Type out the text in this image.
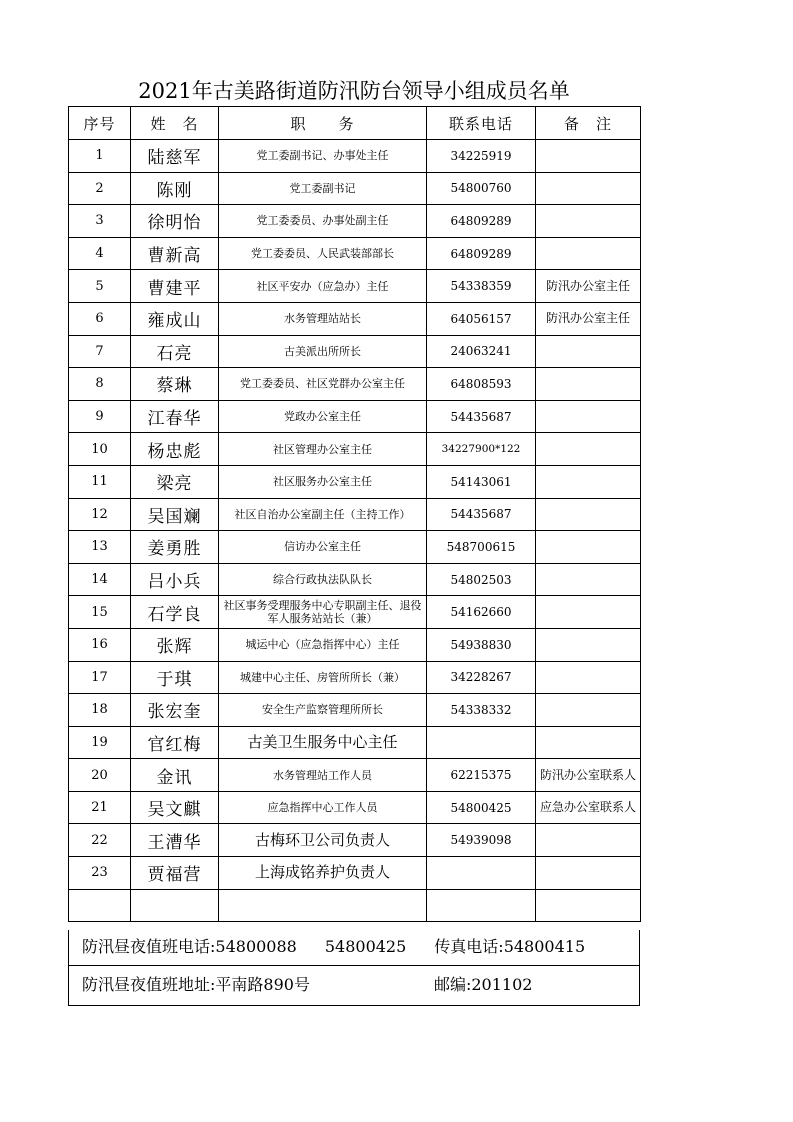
2021年古美路街道防汛防台领导小组成员名单
序号	姓　名	职　　务	联系电话	备　注
1	陆慈军	党工委副书记、办事处主任	34225919	
2	陈刚	党工委副书记	54800760	
3	徐明怡	党工委委员、办事处副主任	64809289	
4	曹新高	党工委委员、人民武装部部长	64809289	
5	曹建平	社区平安办（应急办）主任	54338359	防汛办公室主任
6	雍成山	水务管理站站长	64056157	防汛办公室主任
7	石亮	古美派出所所长	24063241	
8	蔡琳	党工委委员、社区党群办公室主任	64808593	
9	江春华	党政办公室主任	54435687	
10	杨忠彪	社区管理办公室主任	34227900*122	
11	梁亮	社区服务办公室主任	54143061	
12	吴国斓	社区自治办公室副主任（主持工作）	54435687	
13	姜勇胜	信访办公室主任	548700615	
14	吕小兵	综合行政执法队队长	54802503	
15	石学良	社区事务受理服务中心专职副主任、退役军人服务站站长（兼）	54162660	
16	张辉	城运中心（应急指挥中心）主任	54938830	
17	于琪	城建中心主任、房管所所长（兼）	34228267	
18	张宏奎	安全生产监察管理所所长	54338332	
19	官红梅	古美卫生服务中心主任		
20	金讯	水务管理站工作人员	62215375	防汛办公室联系人
21	吴文麒	应急指挥中心工作人员	54800425	应急办公室联系人
22	王漕华	古梅环卫公司负责人	54939098	
23	贾福营	上海成铭养护负责人		

防汛昼夜值班电话:54800088 54800425 传真电话:54800415
防汛昼夜值班地址:平南路890号	邮编:201102
